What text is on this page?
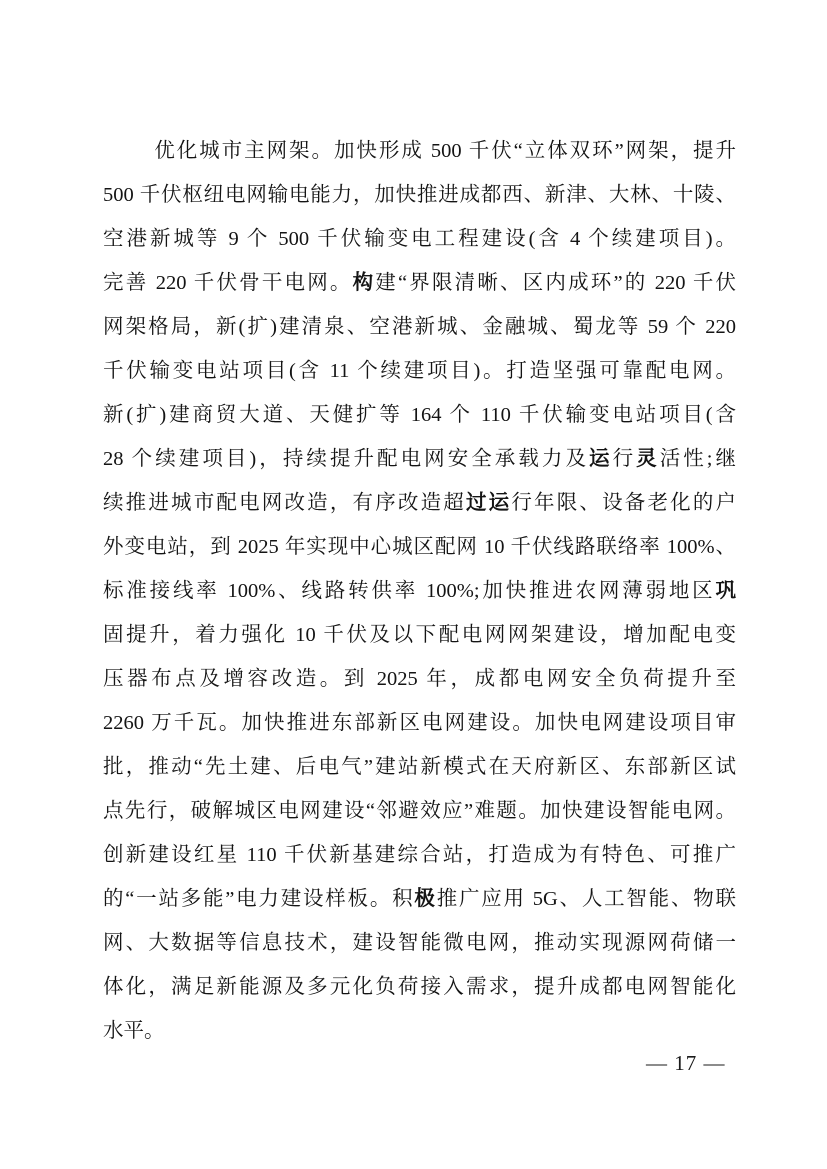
优化城市主网架。加快形成 500 千伏“立体双环”网架，提升
500 千伏枢纽电网输电能力，加快推进成都西、新津、大林、十陵、
空港新城等 9 个 500 千伏输变电工程建设(含 4 个续建项目)。
完善 220 千伏骨干电网。构建“界限清晰、区内成环”的 220 千伏
网架格局，新(扩)建清泉、空港新城、金融城、蜀龙等 59 个 220
千伏输变电站项目(含 11 个续建项目)。打造坚强可靠配电网。
新(扩)建商贸大道、天健扩等 164 个 110 千伏输变电站项目(含
28 个续建项目)，持续提升配电网安全承载力及运行灵活性;继
续推进城市配电网改造，有序改造超过运行年限、设备老化的户
外变电站，到 2025 年实现中心城区配网 10 千伏线路联络率 100%、
标准接线率 100%、线路转供率 100%;加快推进农网薄弱地区巩
固提升，着力强化 10 千伏及以下配电网网架建设，增加配电变
压器布点及增容改造。到 2025 年，成都电网安全负荷提升至
2260 万千瓦。加快推进东部新区电网建设。加快电网建设项目审
批，推动“先土建、后电气”建站新模式在天府新区、东部新区试
点先行，破解城区电网建设“邻避效应”难题。加快建设智能电网。
创新建设红星 110 千伏新基建综合站，打造成为有特色、可推广
的“一站多能”电力建设样板。积极推广应用 5G、人工智能、物联
网、大数据等信息技术，建设智能微电网，推动实现源网荷储一
体化，满足新能源及多元化负荷接入需求，提升成都电网智能化
水平。
— 17 —
